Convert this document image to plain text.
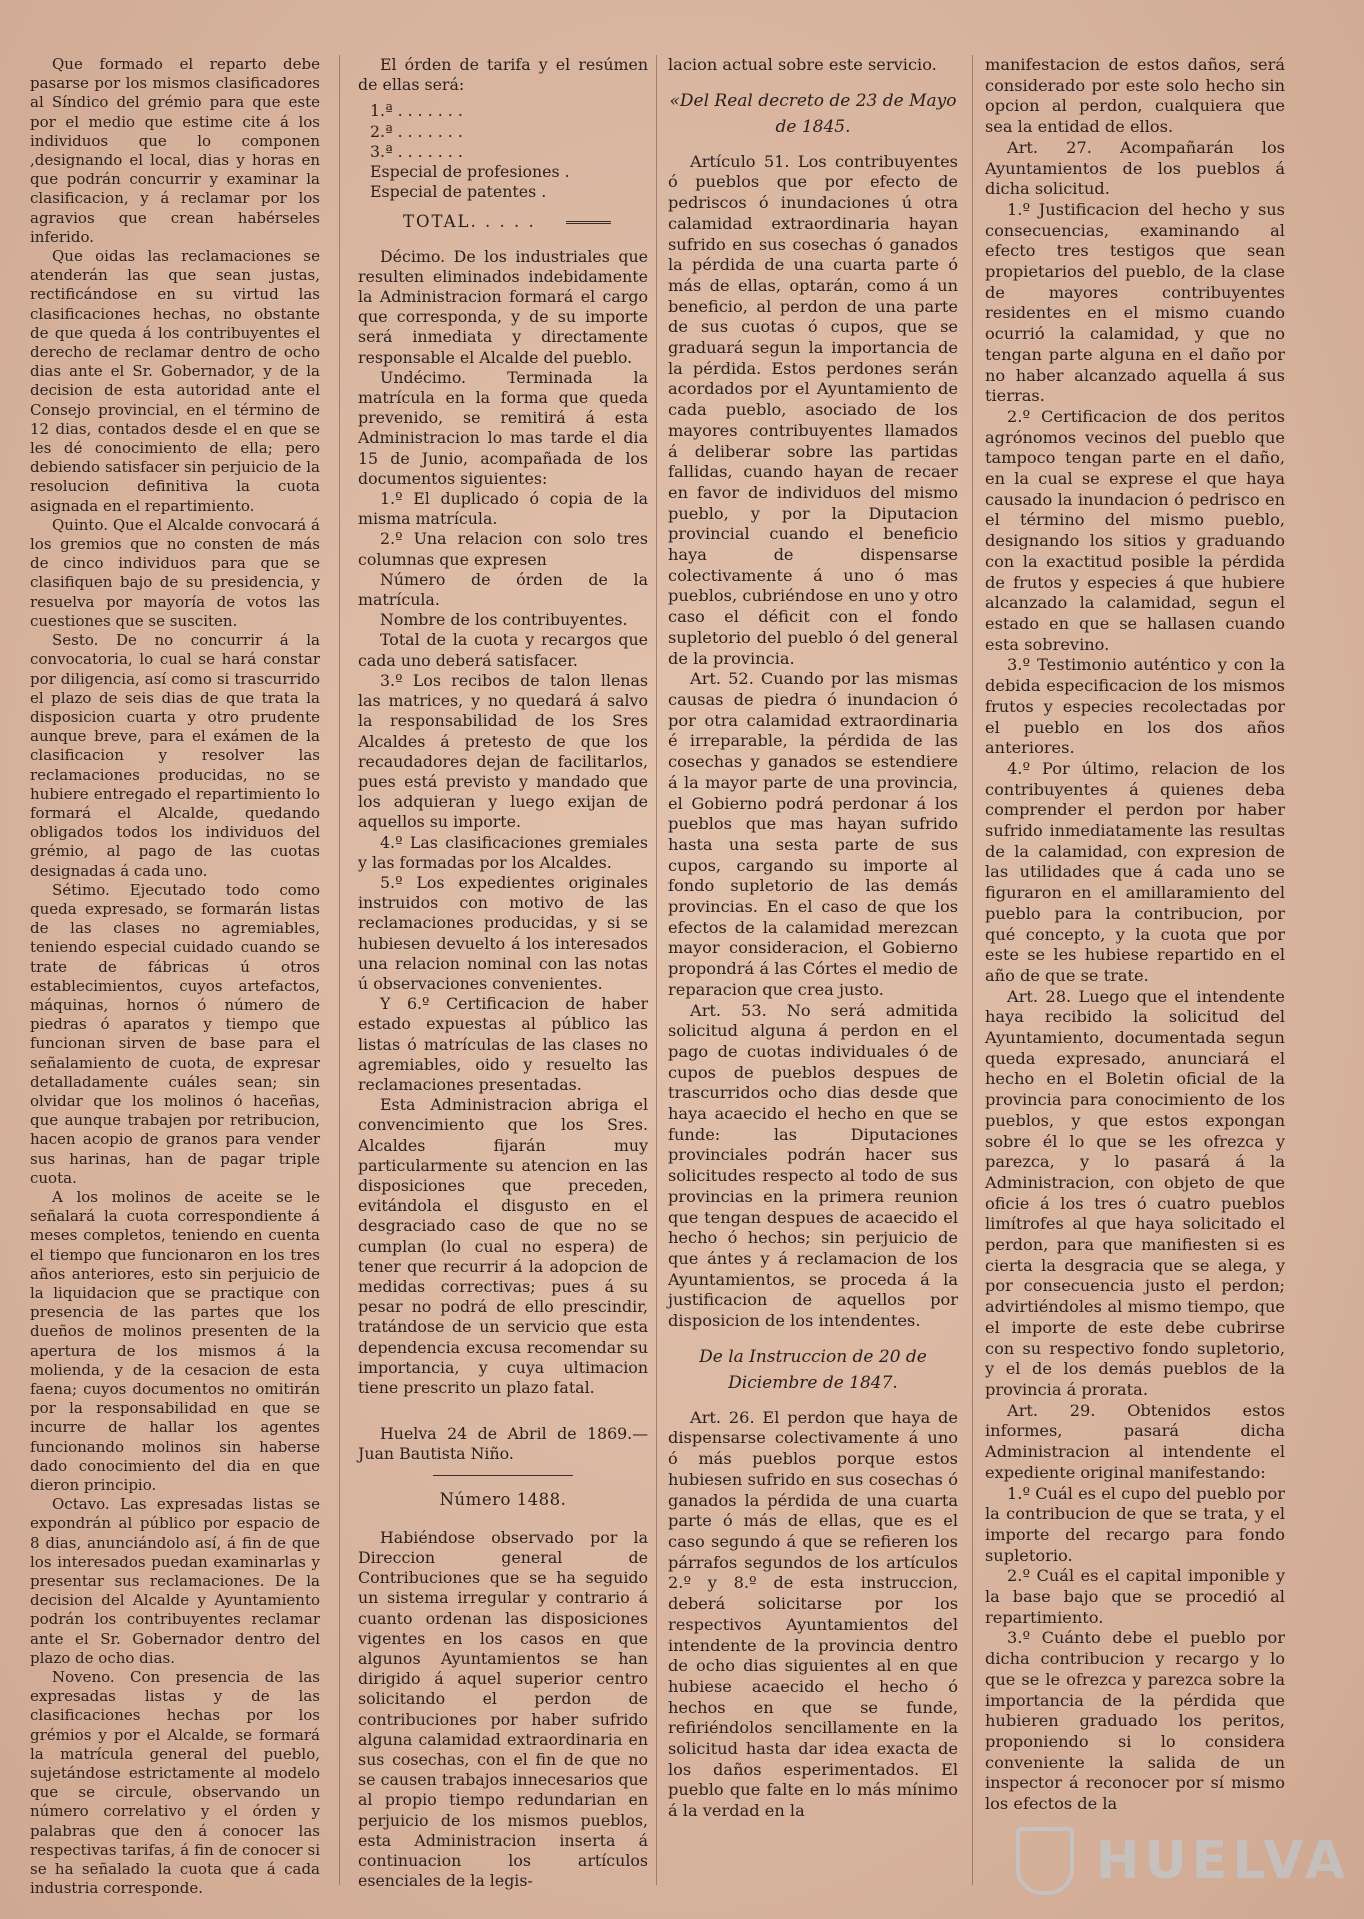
Que formado el reparto debe pasarse por los mismos clasificadores al Síndico del grémio para que este por el medio que estime cite á los individuos que lo componen ,designando el local, dias y horas en que podrán concurrir y examinar la clasificacion, y á reclamar por los agravios que crean habérseles inferido.

Que oidas las reclamaciones se atenderán las que sean justas, rectificándose en su virtud las clasificaciones hechas, no obstante de que queda á los contribuyentes el derecho de reclamar dentro de ocho dias ante el Sr. Gobernador, y de la decision de esta autoridad ante el Consejo provincial, en el término de 12 dias, contados desde el en que se les dé conocimiento de ella; pero debiendo satisfacer sin perjuicio de la resolucion definitiva la cuota asignada en el repartimiento.

Quinto. Que el Alcalde convocará á los gremios que no consten de más de cinco individuos para que se clasifiquen bajo de su presidencia, y resuelva por mayoría de votos las cuestiones que se susciten.

Sesto. De no concurrir á la convocatoria, lo cual se hará constar por diligencia, así como si trascurrido el plazo de seis dias de que trata la disposicion cuarta y otro prudente aunque breve, para el exámen de la clasificacion y resolver las reclamaciones producidas, no se hubiere entregado el repartimiento lo formará el Alcalde, quedando obligados todos los individuos del grémio, al pago de las cuotas designadas á cada uno.

Sétimo. Ejecutado todo como queda expresado, se formarán listas de las clases no agremiables, teniendo especial cuidado cuando se trate de fábricas ú otros establecimientos, cuyos artefactos, máquinas, hornos ó número de piedras ó aparatos y tiempo que funcionan sirven de base para el señalamiento de cuota, de expresar detalladamente cuáles sean; sin olvidar que los molinos ó haceñas, que aunque trabajen por retribucion, hacen acopio de granos para vender sus harinas, han de pagar triple cuota.

A los molinos de aceite se le señalará la cuota correspondiente á meses completos, teniendo en cuenta el tiempo que funcionaron en los tres años anteriores, esto sin perjuicio de la liquidacion que se practique con presencia de las partes que los dueños de molinos presenten de la apertura de los mismos á la molienda, y de la cesacion de esta faena; cuyos documentos no omitirán por la responsabilidad en que se incurre de hallar los agentes funcionando molinos sin haberse dado conocimiento del dia en que dieron principio.

Octavo. Las expresadas listas se expondrán al público por espacio de 8 dias, anunciándolo así, á fin de que los interesados puedan examinarlas y presentar sus reclamaciones. De la decision del Alcalde y Ayuntamiento podrán los contribuyentes reclamar ante el Sr. Gobernador dentro del plazo de ocho dias.

Noveno. Con presencia de las expresadas listas y de las clasificaciones hechas por los grémios y por el Alcalde, se formará la matrícula general del pueblo, sujetándose estrictamente al modelo que se circule, observando un número correlativo y el órden y palabras que den á conocer las respectivas tarifas, á fin de conocer si se ha señalado la cuota que á cada industria corresponde.

El órden de tarifa y el resúmen de ellas será:

1.ª . . . . . . .
2.ª . . . . . . .
3.ª . . . . . . .
Especial de profesiones .
Especial de patentes .
TOTAL. . . . .

Décimo. De los industriales que resulten eliminados indebidamente la Administracion formará el cargo que corresponda, y de su importe será inmediata y directamente responsable el Alcalde del pueblo.

Undécimo. Terminada la matrícula en la forma que queda prevenido, se remitirá á esta Administracion lo mas tarde el dia 15 de Junio, acompañada de los documentos siguientes:

1.º El duplicado ó copia de la misma matrícula.

2.º Una relacion con solo tres columnas que expresen

Número de órden de la matrícula.

Nombre de los contribuyentes.

Total de la cuota y recargos que cada uno deberá satisfacer.

3.º Los recibos de talon llenas las matrices, y no quedará á salvo la responsabilidad de los Sres Alcaldes á pretesto de que los recaudadores dejan de facilitarlos, pues está previsto y mandado que los adquieran y luego exijan de aquellos su importe.

4.º Las clasificaciones gremiales y las formadas por los Alcaldes.

5.º Los expedientes originales instruidos con motivo de las reclamaciones producidas, y si se hubiesen devuelto á los interesados una relacion nominal con las notas ú observaciones convenientes.

Y 6.º Certificacion de haber estado expuestas al público las listas ó matrículas de las clases no agremiables, oido y resuelto las reclamaciones presentadas.

Esta Administracion abriga el convencimiento que los Sres. Alcaldes fijarán muy particularmente su atencion en las disposiciones que preceden, evitándola el disgusto en el desgraciado caso de que no se cumplan (lo cual no espera) de tener que recurrir á la adopcion de medidas correctivas; pues á su pesar no podrá de ello prescindir, tratándose de un servicio que esta dependencia excusa recomendar su importancia, y cuya ultimacion tiene prescrito un plazo fatal.

Huelva 24 de Abril de 1869.—Juan Bautista Niño.

Número 1488.

Habiéndose observado por la Direccion general de Contribuciones que se ha seguido un sistema irregular y contrario á cuanto ordenan las disposiciones vigentes en los casos en que algunos Ayuntamientos se han dirigido á aquel superior centro solicitando el perdon de contribuciones por haber sufrido alguna calamidad extraordinaria en sus cosechas, con el fin de que no se causen trabajos innecesarios que al propio tiempo redundarian en perjuicio de los mismos pueblos, esta Administracion inserta á continuacion los artículos esenciales de la legis-

lacion actual sobre este servicio.

«Del Real decreto de 23 de Mayo de 1845.

Artículo 51. Los contribuyentes ó pueblos que por efecto de pedriscos ó inundaciones ú otra calamidad extraordinaria hayan sufrido en sus cosechas ó ganados la pérdida de una cuarta parte ó más de ellas, optarán, como á un beneficio, al perdon de una parte de sus cuotas ó cupos, que se graduará segun la importancia de la pérdida. Estos perdones serán acordados por el Ayuntamiento de cada pueblo, asociado de los mayores contribuyentes llamados á deliberar sobre las partidas fallidas, cuando hayan de recaer en favor de individuos del mismo pueblo, y por la Diputacion provincial cuando el beneficio haya de dispensarse colectivamente á uno ó mas pueblos, cubriéndose en uno y otro caso el déficit con el fondo supletorio del pueblo ó del general de la provincia.

Art. 52. Cuando por las mismas causas de piedra ó inundacion ó por otra calamidad extraordinaria é irreparable, la pérdida de las cosechas y ganados se estendiere á la mayor parte de una provincia, el Gobierno podrá perdonar á los pueblos que mas hayan sufrido hasta una sesta parte de sus cupos, cargando su importe al fondo supletorio de las demás provincias. En el caso de que los efectos de la calamidad merezcan mayor consideracion, el Gobierno propondrá á las Córtes el medio de reparacion que crea justo.

Art. 53. No será admitida solicitud alguna á perdon en el pago de cuotas individuales ó de cupos de pueblos despues de trascurridos ocho dias desde que haya acaecido el hecho en que se funde: las Diputaciones provinciales podrán hacer sus solicitudes respecto al todo de sus provincias en la primera reunion que tengan despues de acaecido el hecho ó hechos; sin perjuicio de que ántes y á reclamacion de los Ayuntamientos, se proceda á la justificacion de aquellos por disposicion de los intendentes.

De la Instruccion de 20 de Diciembre de 1847.

Art. 26. El perdon que haya de dispensarse colectivamente á uno ó más pueblos porque estos hubiesen sufrido en sus cosechas ó ganados la pérdida de una cuarta parte ó más de ellas, que es el caso segundo á que se refieren los párrafos segundos de los artículos 2.º y 8.º de esta instruccion, deberá solicitarse por los respectivos Ayuntamientos del intendente de la provincia dentro de ocho dias siguientes al en que hubiese acaecido el hecho ó hechos en que se funde, refiriéndolos sencillamente en la solicitud hasta dar idea exacta de los daños esperimentados. El pueblo que falte en lo más mínimo á la verdad en la

manifestacion de estos daños, será considerado por este solo hecho sin opcion al perdon, cualquiera que sea la entidad de ellos.

Art. 27. Acompañarán los Ayuntamientos de los pueblos á dicha solicitud.

1.º Justificacion del hecho y sus consecuencias, examinando al efecto tres testigos que sean propietarios del pueblo, de la clase de mayores contribuyentes residentes en el mismo cuando ocurrió la calamidad, y que no tengan parte alguna en el daño por no haber alcanzado aquella á sus tierras.

2.º Certificacion de dos peritos agrónomos vecinos del pueblo que tampoco tengan parte en el daño, en la cual se exprese el que haya causado la inundacion ó pedrisco en el término del mismo pueblo, designando los sitios y graduando con la exactitud posible la pérdida de frutos y especies á que hubiere alcanzado la calamidad, segun el estado en que se hallasen cuando esta sobrevino.

3.º Testimonio auténtico y con la debida especificacion de los mismos frutos y especies recolectadas por el pueblo en los dos años anteriores.

4.º Por último, relacion de los contribuyentes á quienes deba comprender el perdon por haber sufrido inmediatamente las resultas de la calamidad, con expresion de las utilidades que á cada uno se figuraron en el amillaramiento del pueblo para la contribucion, por qué concepto, y la cuota que por este se les hubiese repartido en el año de que se trate.

Art. 28. Luego que el intendente haya recibido la solicitud del Ayuntamiento, documentada segun queda expresado, anunciará el hecho en el Boletin oficial de la provincia para conocimiento de los pueblos, y que estos expongan sobre él lo que se les ofrezca y parezca, y lo pasará á la Administracion, con objeto de que oficie á los tres ó cuatro pueblos limítrofes al que haya solicitado el perdon, para que manifiesten si es cierta la desgracia que se alega, y por consecuencia justo el perdon; advirtiéndoles al mismo tiempo, que el importe de este debe cubrirse con su respectivo fondo supletorio, y el de los demás pueblos de la provincia á prorata.

Art. 29. Obtenidos estos informes, pasará dicha Administracion al intendente el expediente original manifestando:

1.º Cuál es el cupo del pueblo por la contribucion de que se trata, y el importe del recargo para fondo supletorio.

2.º Cuál es el capital imponible y la base bajo que se procedió al repartimiento.

3.º Cuánto debe el pueblo por dicha contribucion y recargo y lo que se le ofrezca y parezca sobre la importancia de la pérdida que hubieren graduado los peritos, proponiendo si lo considera conveniente la salida de un inspector á reconocer por sí mismo los efectos de la

HUELVA
